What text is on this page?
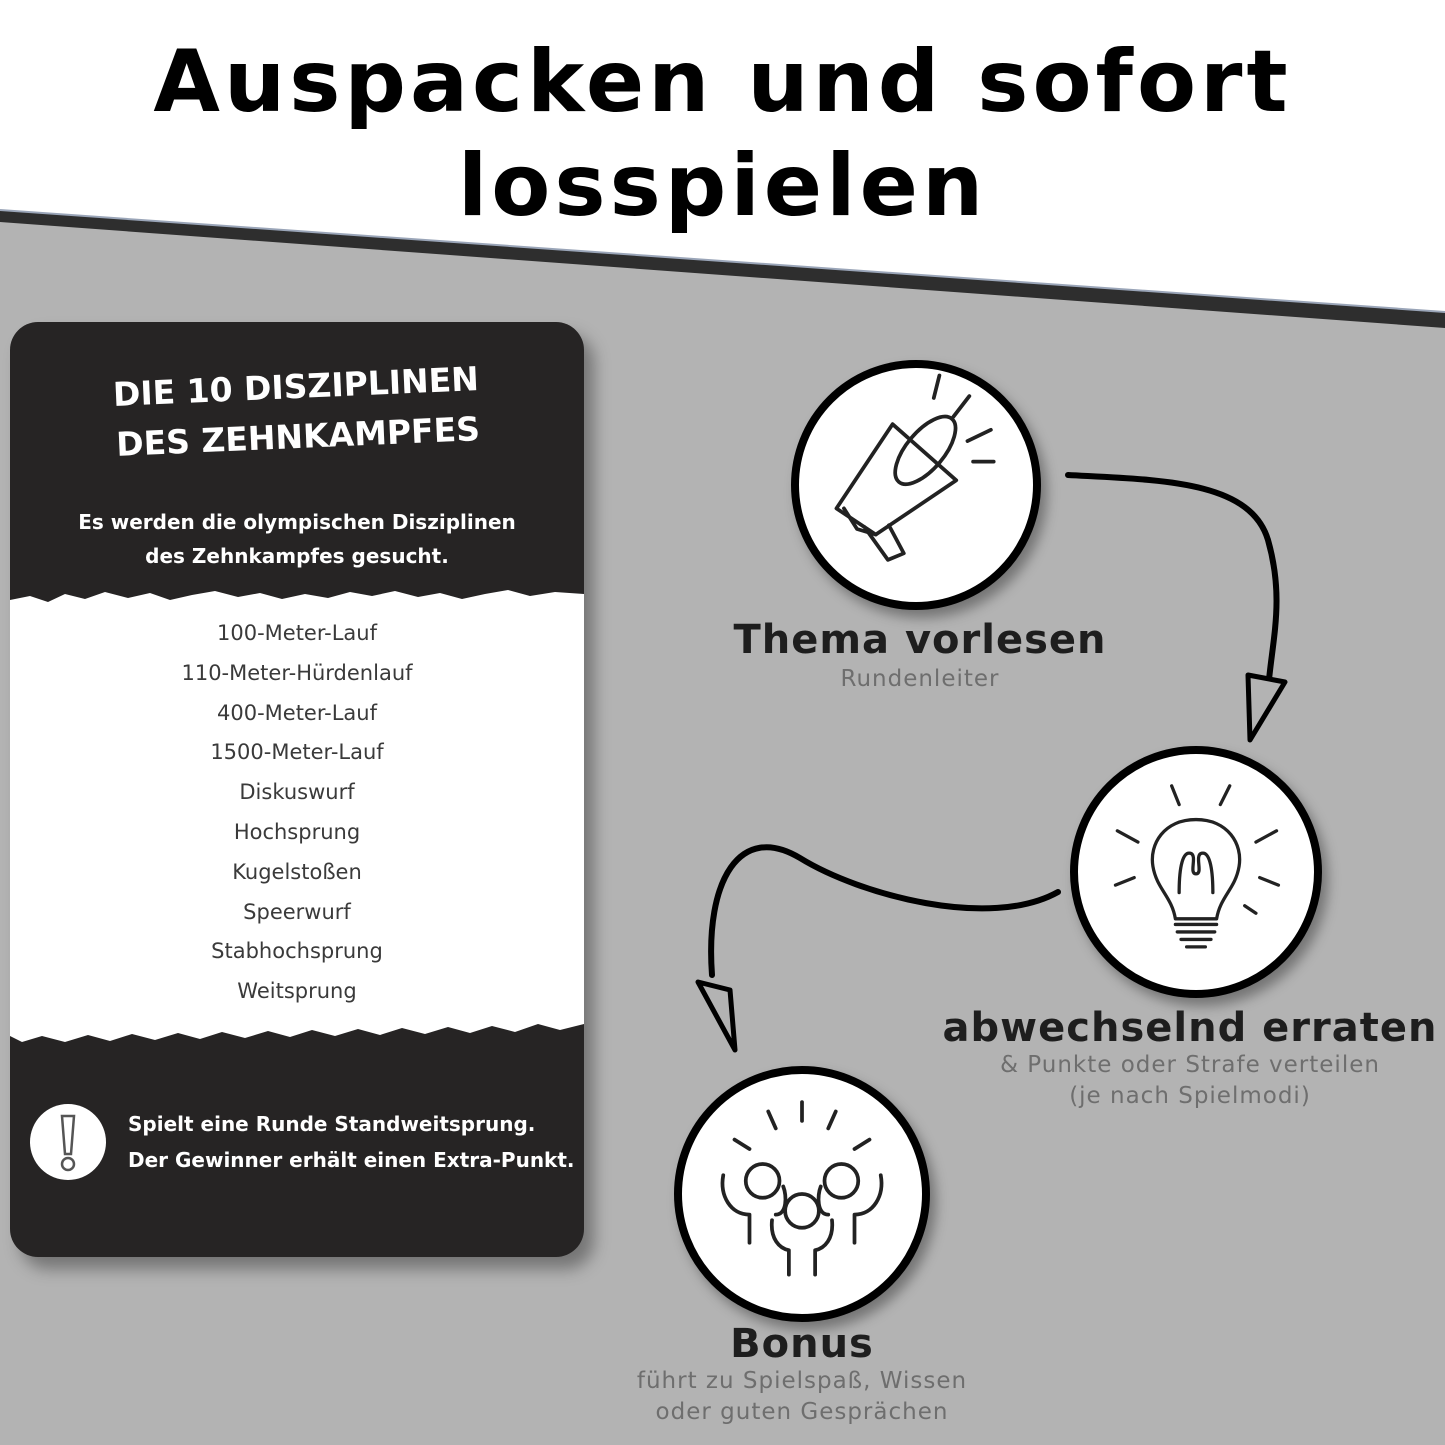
Auspacken und sofort
losspielen
DIE 10 DISZIPLINEN
DES ZEHNKAMPFES
Es werden die olympischen Disziplinen
des Zehnkampfes gesucht.
100-Meter-Lauf
110-Meter-Hürdenlauf
400-Meter-Lauf
1500-Meter-Lauf
Diskuswurf
Hochsprung
Kugelstoßen
Speerwurf
Stabhochsprung
Weitsprung
Spielt eine Runde Standweitsprung.
Der Gewinner erhält einen Extra-Punkt.
Thema vorlesen
Rundenleiter
abwechselnd erraten
& Punkte oder Strafe verteilen
(je nach Spielmodi)
Bonus
führt zu Spielspaß, Wissen
oder guten Gesprächen
